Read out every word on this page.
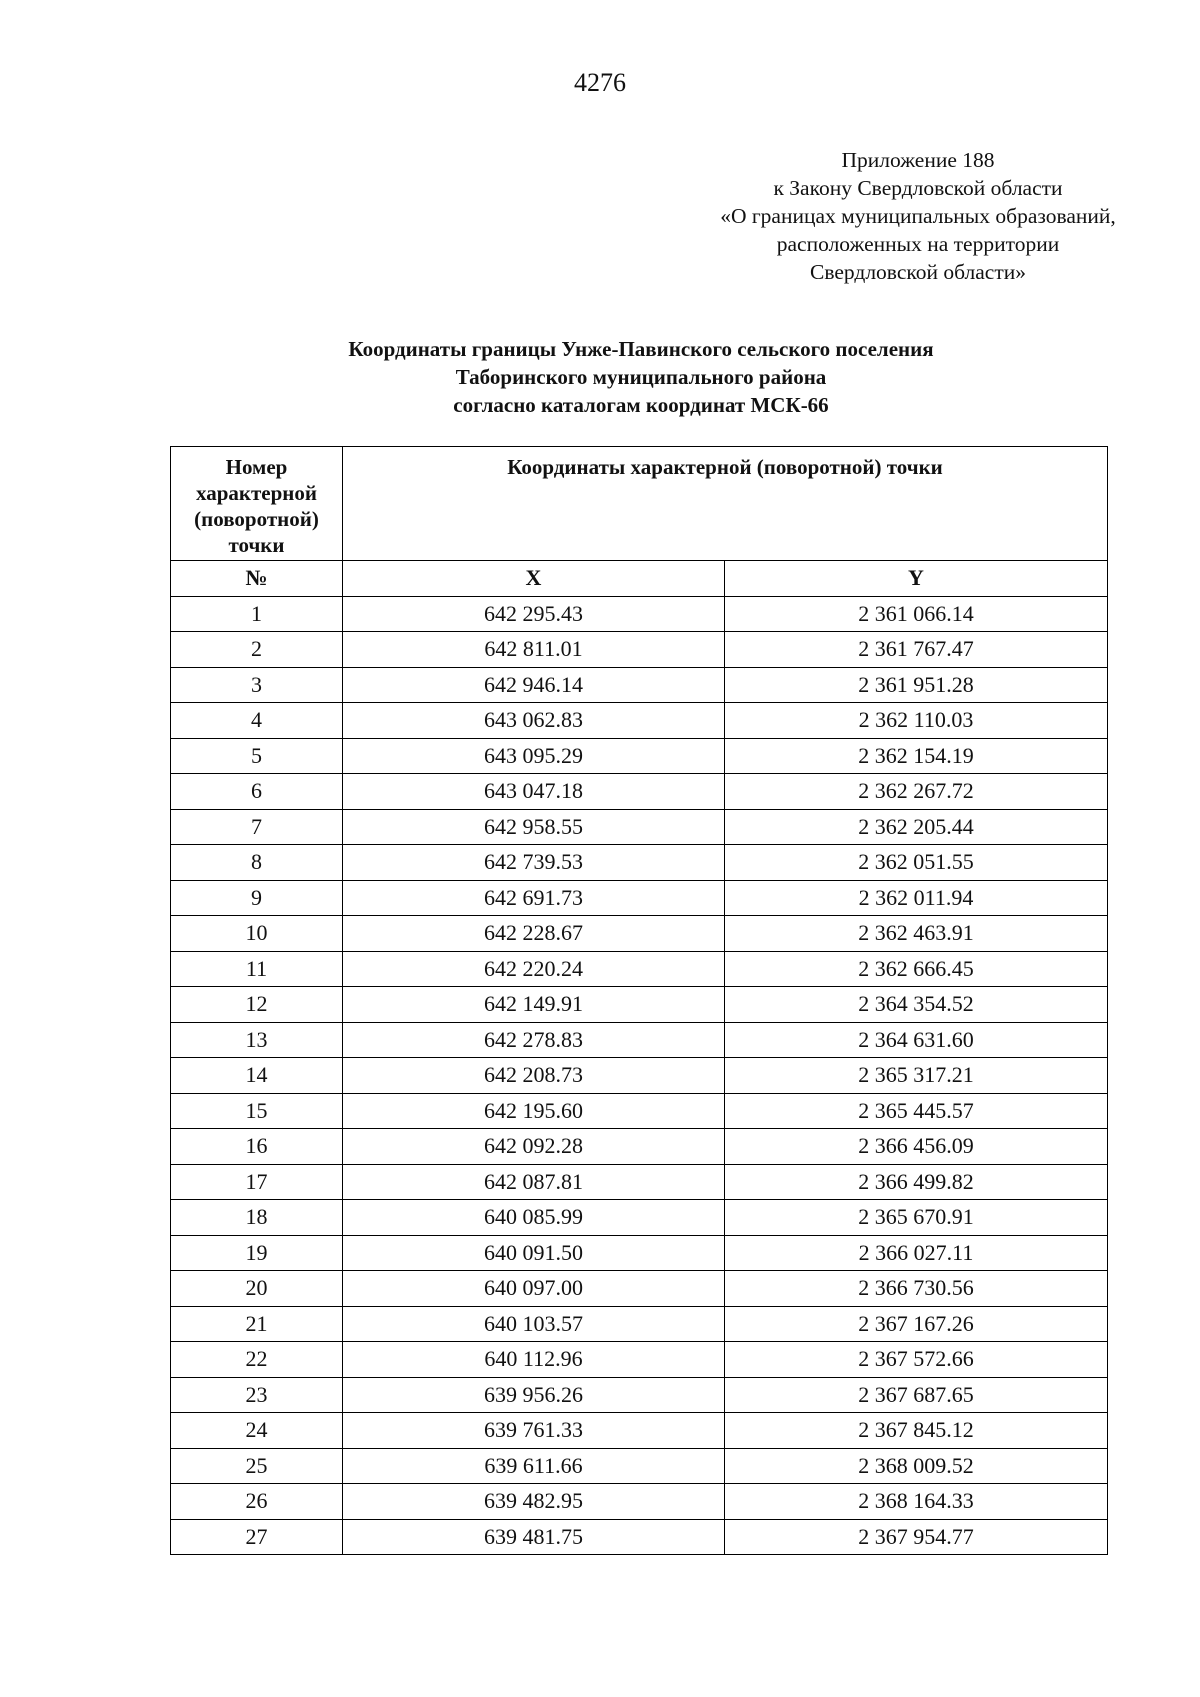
4276
Приложение 188
к Закону Свердловской области
«О границах муниципальных образований,
расположенных на территории
Свердловской области»
Координаты границы Унже-Павинского сельского поселения
Таборинского муниципального района
согласно каталогам координат МСК-66
Номер
характерной
(поворотной)
точки	Координаты характерной (поворотной) точки	
№	X	Y
1	642 295.43	2 361 066.14
2	642 811.01	2 361 767.47
3	642 946.14	2 361 951.28
4	643 062.83	2 362 110.03
5	643 095.29	2 362 154.19
6	643 047.18	2 362 267.72
7	642 958.55	2 362 205.44
8	642 739.53	2 362 051.55
9	642 691.73	2 362 011.94
10	642 228.67	2 362 463.91
11	642 220.24	2 362 666.45
12	642 149.91	2 364 354.52
13	642 278.83	2 364 631.60
14	642 208.73	2 365 317.21
15	642 195.60	2 365 445.57
16	642 092.28	2 366 456.09
17	642 087.81	2 366 499.82
18	640 085.99	2 365 670.91
19	640 091.50	2 366 027.11
20	640 097.00	2 366 730.56
21	640 103.57	2 367 167.26
22	640 112.96	2 367 572.66
23	639 956.26	2 367 687.65
24	639 761.33	2 367 845.12
25	639 611.66	2 368 009.52
26	639 482.95	2 368 164.33
27	639 481.75	2 367 954.77
